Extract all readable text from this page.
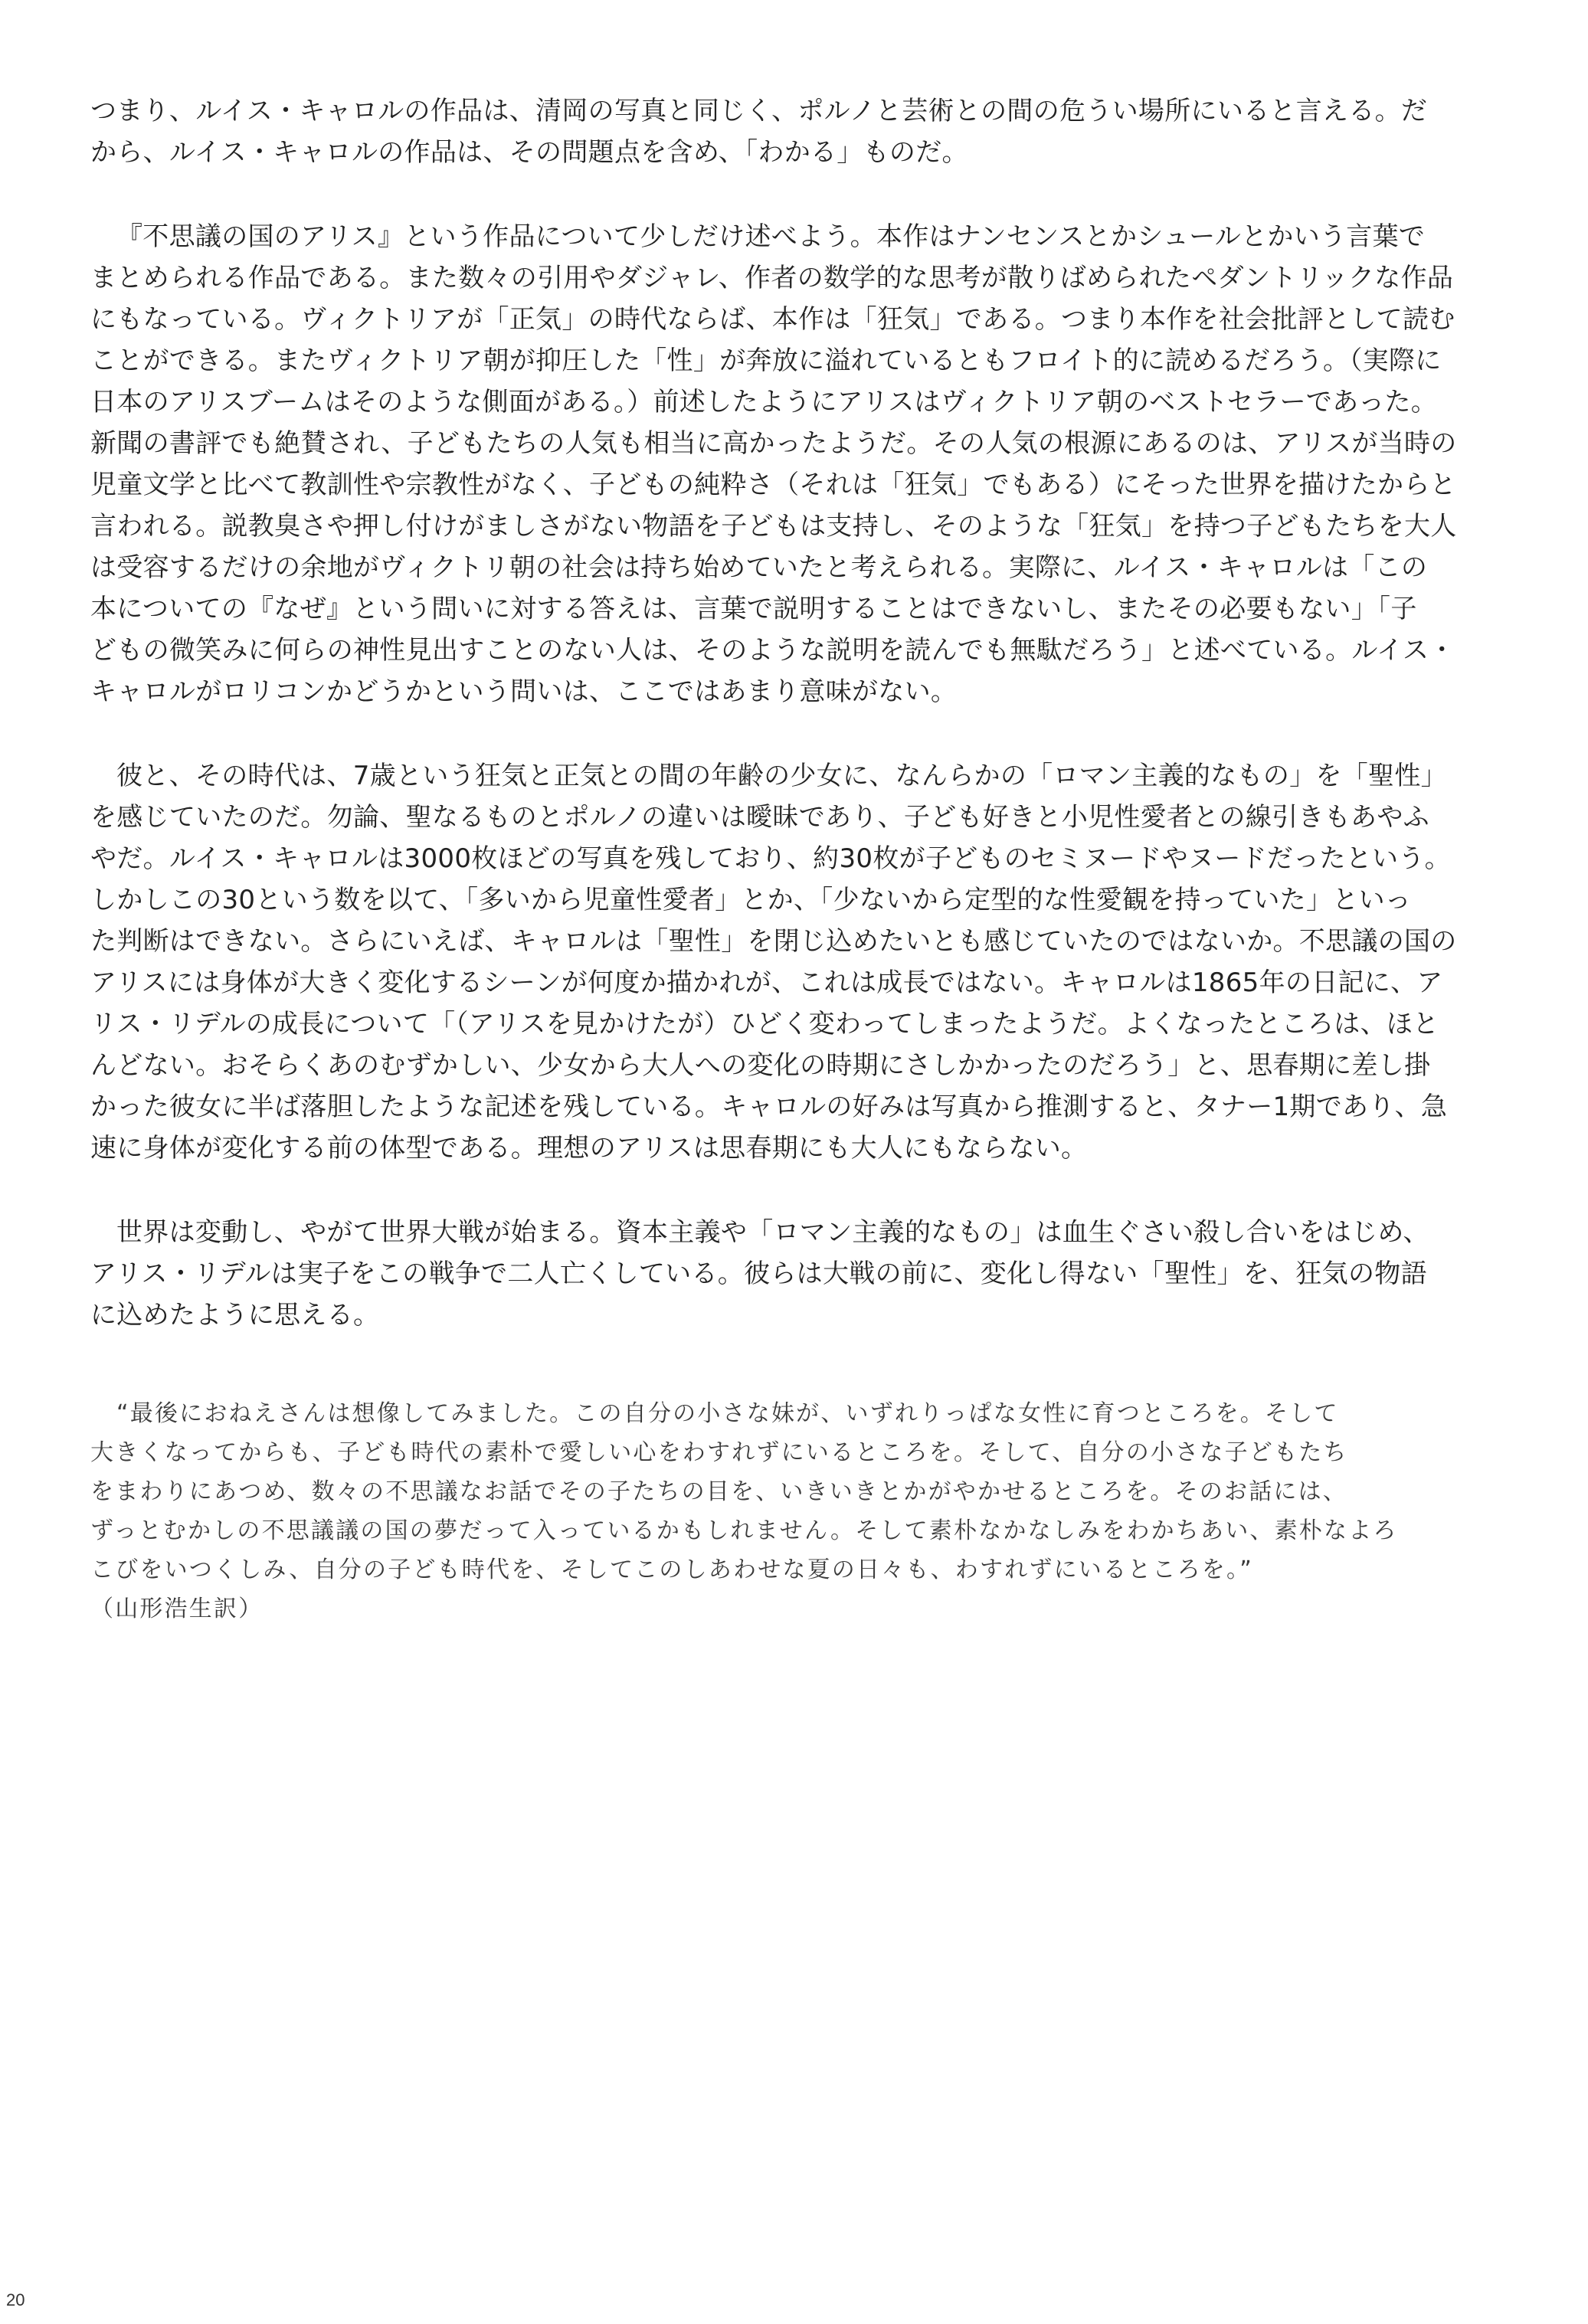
つまり、ルイス・キャロルの作品は、清岡の写真と同じく、ポルノと芸術との間の危うい場所にいると言える。だ
から、ルイス・キャロルの作品は、その問題点を含め、「わかる」ものだ。

『不思議の国のアリス』という作品について少しだけ述べよう。本作はナンセンスとかシュールとかいう言葉で
まとめられる作品である。また数々の引用やダジャレ、作者の数学的な思考が散りばめられたペダントリックな作品
にもなっている。ヴィクトリアが「正気」の時代ならば、本作は「狂気」である。つまり本作を社会批評として読む
ことができる。またヴィクトリア朝が抑圧した「性」が奔放に溢れているともフロイト的に読めるだろう。（実際に
日本のアリスブームはそのような側面がある。）前述したようにアリスはヴィクトリア朝のベストセラーであった。
新聞の書評でも絶賛され、子どもたちの人気も相当に高かったようだ。その人気の根源にあるのは、アリスが当時の
児童文学と比べて教訓性や宗教性がなく、子どもの純粋さ（それは「狂気」でもある）にそった世界を描けたからと
言われる。説教臭さや押し付けがましさがない物語を子どもは支持し、そのような「狂気」を持つ子どもたちを大人
は受容するだけの余地がヴィクトリ朝の社会は持ち始めていたと考えられる。実際に、ルイス・キャロルは「この
本についての『なぜ』という問いに対する答えは、言葉で説明することはできないし、またその必要もない」「子
どもの微笑みに何らの神性見出すことのない人は、そのような説明を読んでも無駄だろう」と述べている。ルイス・
キャロルがロリコンかどうかという問いは、ここではあまり意味がない。

彼と、その時代は、7歳という狂気と正気との間の年齢の少女に、なんらかの「ロマン主義的なもの」を「聖性」
を感じていたのだ。勿論、聖なるものとポルノの違いは曖昧であり、子ども好きと小児性愛者との線引きもあやふ
やだ。ルイス・キャロルは3000枚ほどの写真を残しており、約30枚が子どものセミヌードやヌードだったという。
しかしこの30という数を以て、「多いから児童性愛者」とか、「少ないから定型的な性愛観を持っていた」といっ
た判断はできない。さらにいえば、キャロルは「聖性」を閉じ込めたいとも感じていたのではないか。不思議の国の
アリスには身体が大きく変化するシーンが何度か描かれが、これは成長ではない。キャロルは1865年の日記に、ア
リス・リデルの成長について「（アリスを見かけたが）ひどく変わってしまったようだ。よくなったところは、ほと
んどない。おそらくあのむずかしい、少女から大人への変化の時期にさしかかったのだろう」と、思春期に差し掛
かった彼女に半ば落胆したような記述を残している。キャロルの好みは写真から推測すると、タナー1期であり、急
速に身体が変化する前の体型である。理想のアリスは思春期にも大人にもならない。

世界は変動し、やがて世界大戦が始まる。資本主義や「ロマン主義的なもの」は血生ぐさい殺し合いをはじめ、
アリス・リデルは実子をこの戦争で二人亡くしている。彼らは大戦の前に、変化し得ない「聖性」を、狂気の物語
に込めたように思える。

“最後におねえさんは想像してみました。この自分の小さな妹が、いずれりっぱな女性に育つところを。そして
大きくなってからも、子ども時代の素朴で愛しい心をわすれずにいるところを。そして、自分の小さな子どもたち
をまわりにあつめ、数々の不思議なお話でその子たちの目を、いきいきとかがやかせるところを。そのお話には、
ずっとむかしの不思議議の国の夢だって入っているかもしれません。そして素朴なかなしみをわかちあい、素朴なよろ
こびをいつくしみ、自分の子ども時代を、そしてこのしあわせな夏の日々も、わすれずにいるところを。”
（山形浩生訳）
20
